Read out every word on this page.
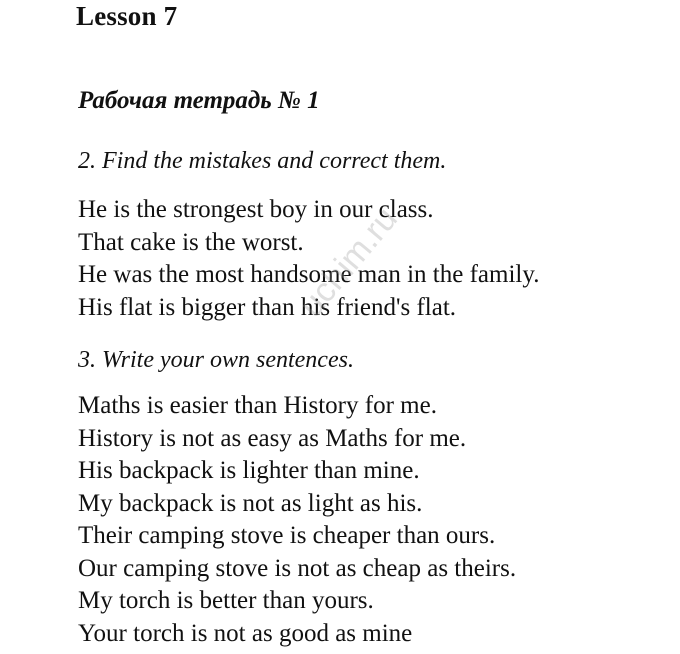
Lesson 7
Рабочая тетрадь № 1
2. Find the mistakes and correct them.
He is the strongest boy in our class.
That cake is the worst.
He was the most handsome man in the family.
His flat is bigger than his friend's flat.
3. Write your own sentences.
Maths is easier than History for me.
History is not as easy as Maths for me.
His backpack is lighter than mine.
My backpack is not as light as his.
Their camping stove is cheaper than ours.
Our camping stove is not as cheap as theirs.
My torch is better than yours.
Your torch is not as good as mine
uchim.ru
